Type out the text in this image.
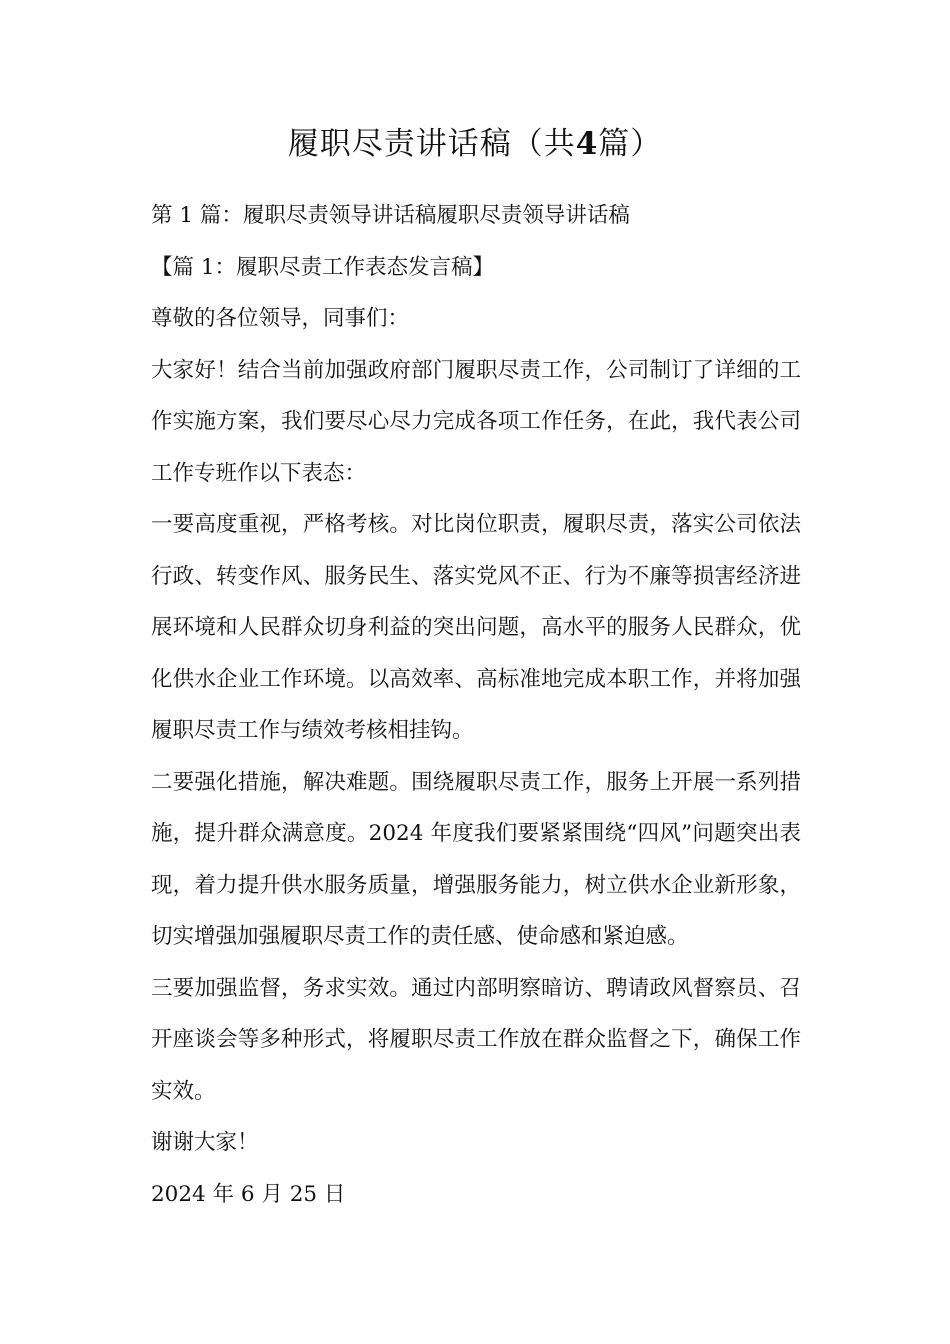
履职尽责讲话稿（共4篇）

第 1 篇：履职尽责领导讲话稿履职尽责领导讲话稿

【篇 1：履职尽责工作表态发言稿】

尊敬的各位领导，同事们：

大家好！结合当前加强政府部门履职尽责工作，公司制订了详细的工作实施方案，我们要尽心尽力完成各项工作任务，在此，我代表公司工作专班作以下表态：

一要高度重视，严格考核。对比岗位职责，履职尽责，落实公司依法行政、转变作风、服务民生、落实党风不正、行为不廉等损害经济进展环境和人民群众切身利益的突出问题，高水平的服务人民群众，优化供水企业工作环境。以高效率、高标准地完成本职工作，并将加强履职尽责工作与绩效考核相挂钩。

二要强化措施，解决难题。围绕履职尽责工作，服务上开展一系列措施，提升群众满意度。2024 年度我们要紧紧围绕“四风”问题突出表现，着力提升供水服务质量，增强服务能力，树立供水企业新形象，切实增强加强履职尽责工作的责任感、使命感和紧迫感。

三要加强监督，务求实效。通过内部明察暗访、聘请政风督察员、召开座谈会等多种形式，将履职尽责工作放在群众监督之下，确保工作实效。

谢谢大家！

2024 年 6 月 25 日
